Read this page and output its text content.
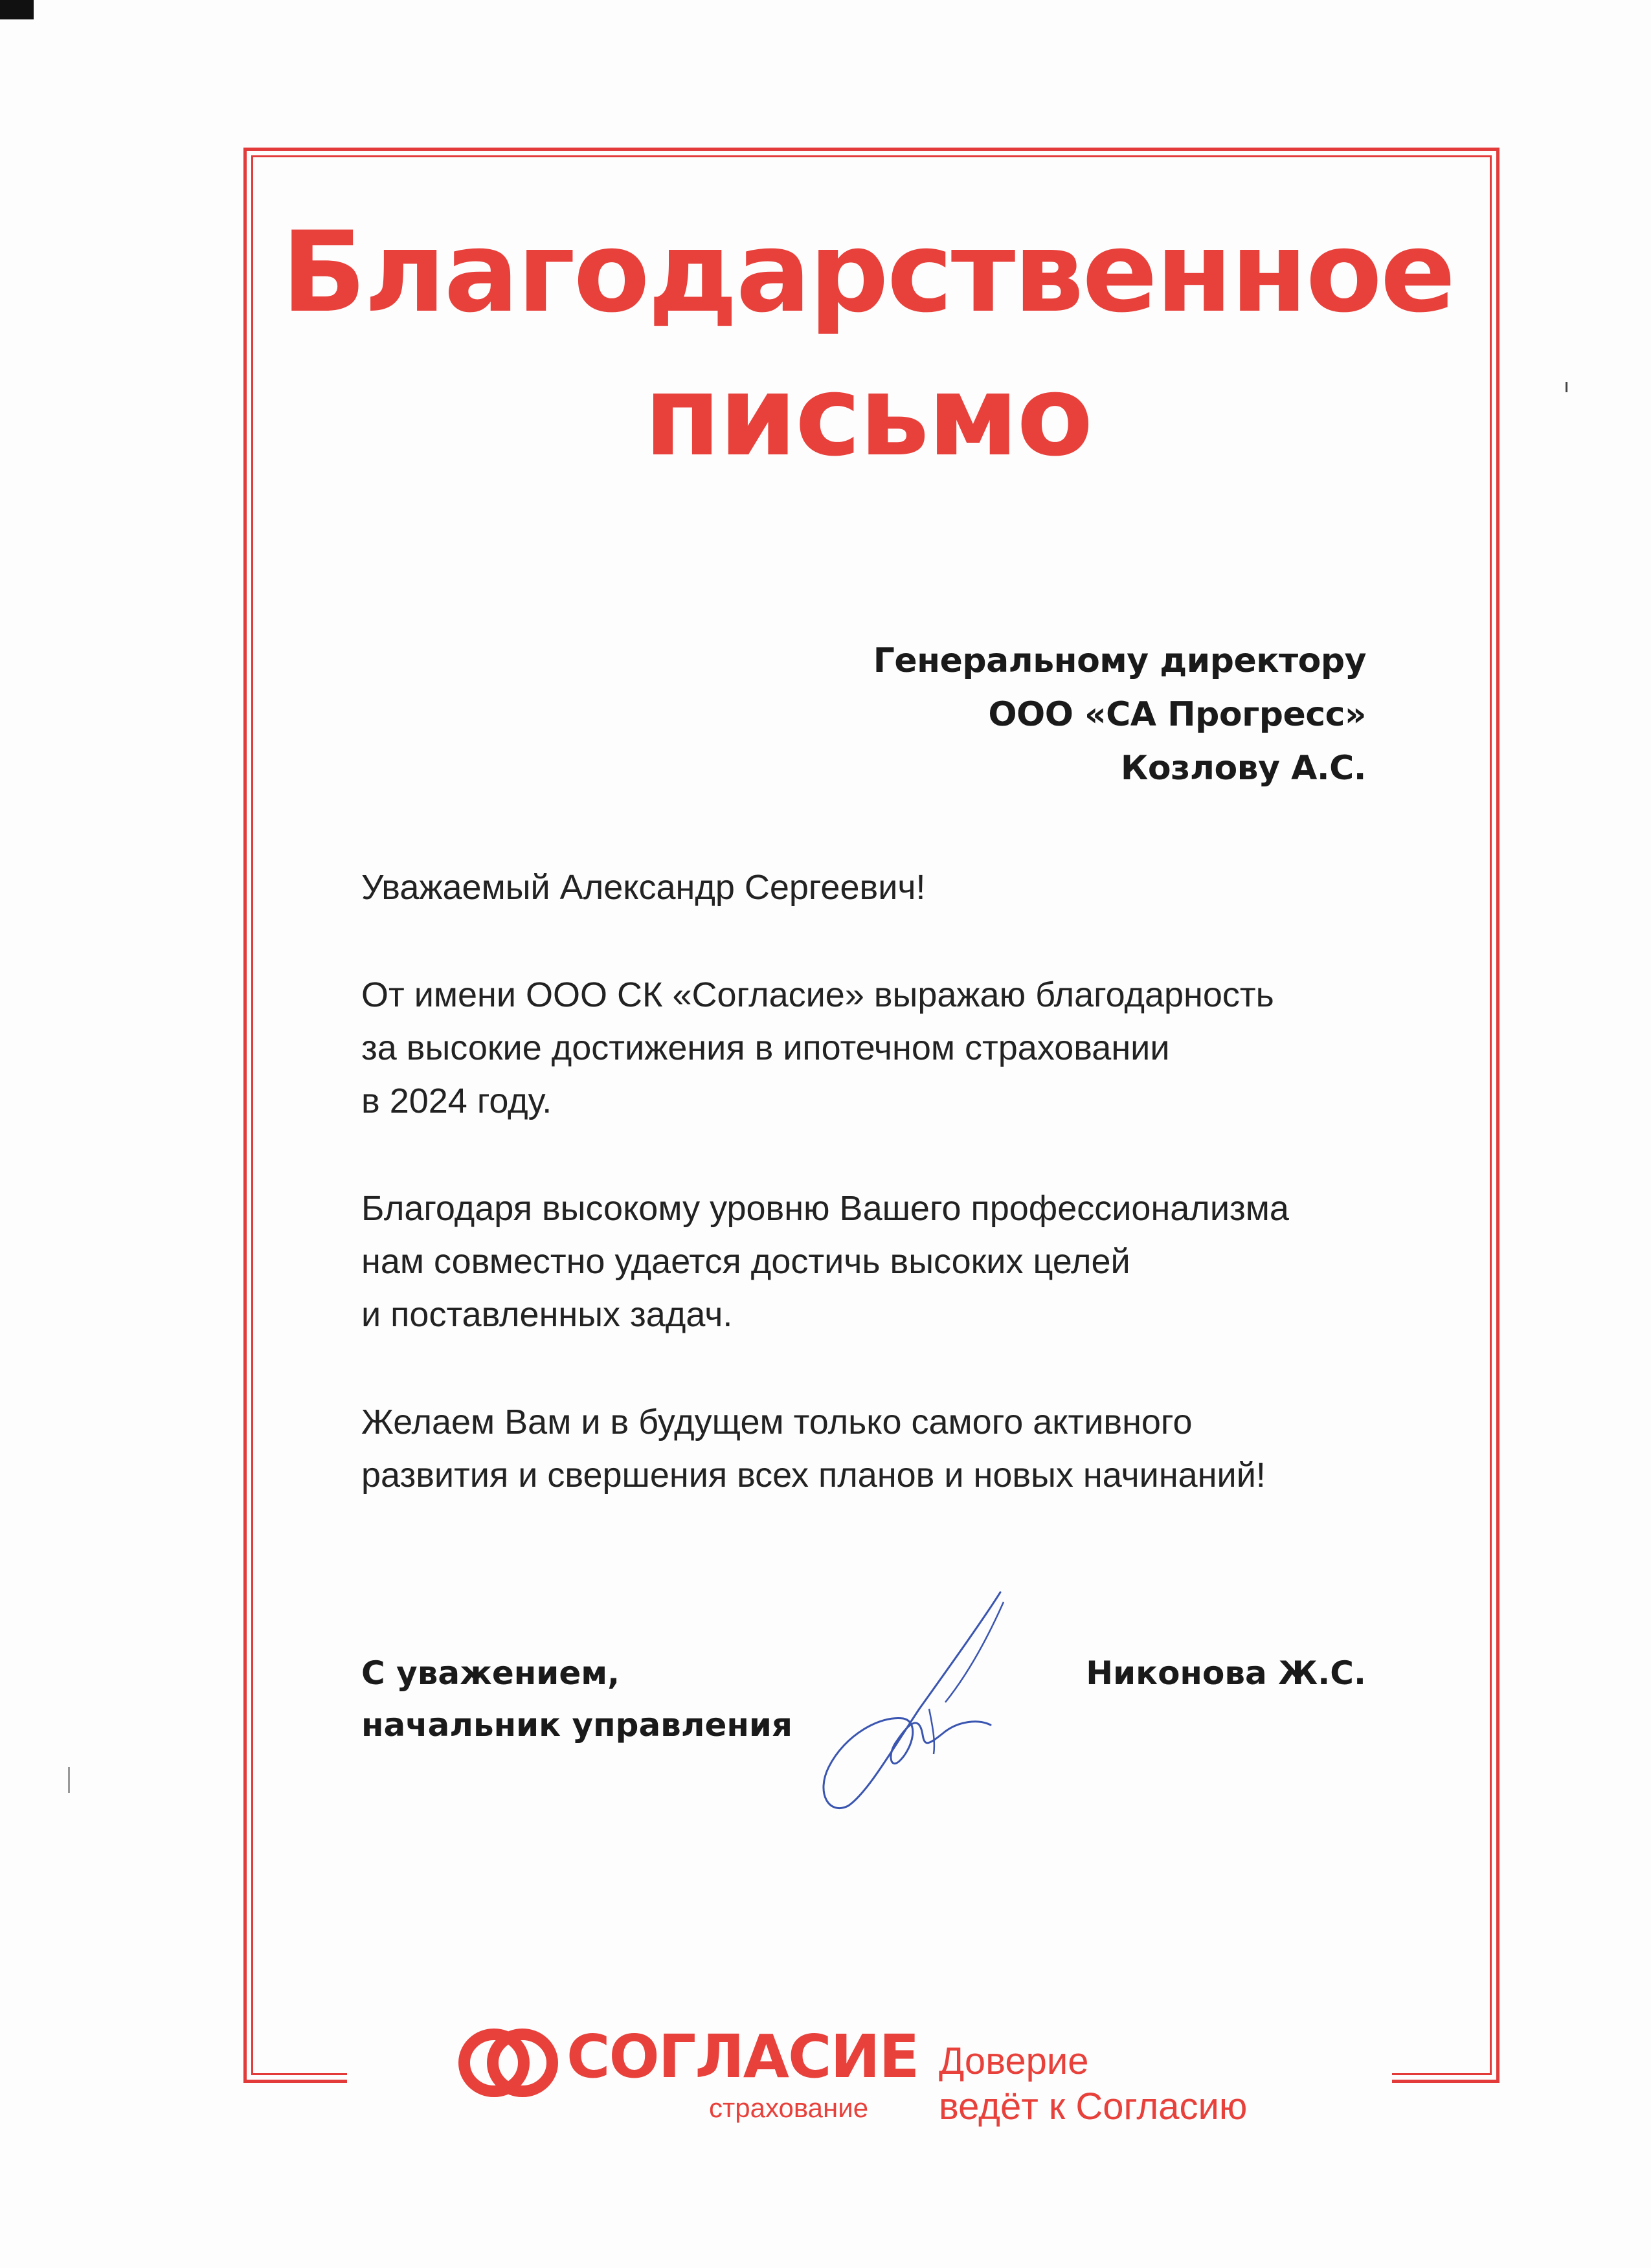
Благодарственное
письмо
Генеральному директору
ООО «СА Прогресс»
Козлову А.С.

Уважаемый Александр Сергеевич!

От имени ООО СК «Согласие» выражаю благодарность
за высокие достижения в ипотечном страховании
в 2024 году.

Благодаря высокому уровню Вашего профессионализма
нам совместно удается достичь высоких целей
и поставленных задач.

Желаем Вам и в будущем только самого активного
развития и свершения всех планов и новых начинаний!

С уважением,
начальник управления
Никонова Ж.С.
СОГЛАСИЕ
страхование
Доверие
ведёт к Согласию
